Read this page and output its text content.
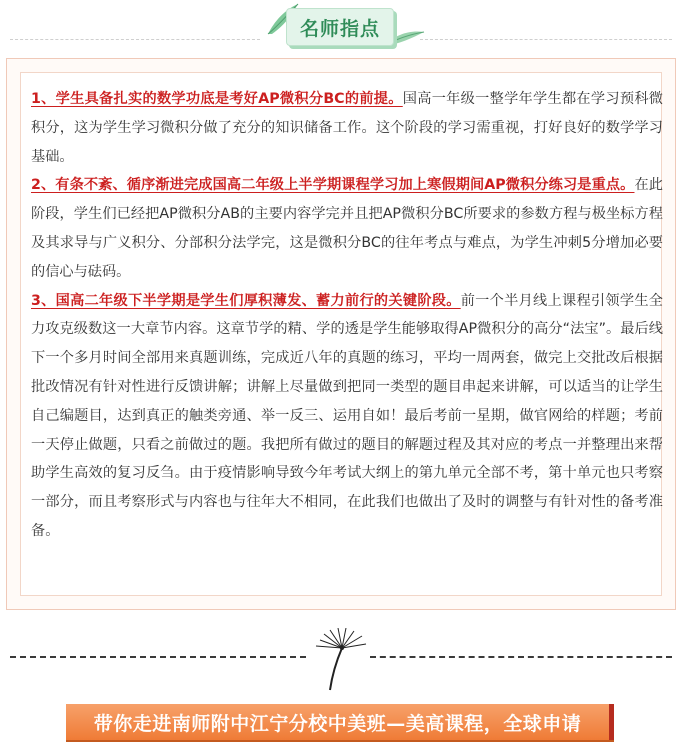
名师指点

1、学生具备扎实的数学功底是考好AP微积分BC的前提。国高一年级一整学年学生都在学习预科微积分，这为学生学习微积分做了充分的知识储备工作。这个阶段的学习需重视，打好良好的数学学习基础。

2、有条不紊、循序渐进完成国高二年级上半学期课程学习加上寒假期间AP微积分练习是重点。在此阶段，学生们已经把AP微积分AB的主要内容学完并且把AP微积分BC所要求的参数方程与极坐标方程及其求导与广义积分、分部积分法学完，这是微积分BC的往年考点与难点，为学生冲刺5分增加必要的信心与砝码。

3、国高二年级下半学期是学生们厚积薄发、蓄力前行的关键阶段。前一个半月线上课程引领学生全力攻克级数这一大章节内容。这章节学的精、学的透是学生能够取得AP微积分的高分“法宝”。最后线下一个多月时间全部用来真题训练，完成近八年的真题的练习，平均一周两套，做完上交批改后根据批改情况有针对性进行反馈讲解；讲解上尽量做到把同一类型的题目串起来讲解，可以适当的让学生自己编题目，达到真正的触类旁通、举一反三、运用自如！最后考前一星期，做官网给的样题；考前一天停止做题，只看之前做过的题。我把所有做过的题目的解题过程及其对应的考点一并整理出来帮助学生高效的复习反刍。由于疫情影响导致今年考试大纲上的第九单元全部不考，第十单元也只考察一部分，而且考察形式与内容也与往年大不相同，在此我们也做出了及时的调整与有针对性的备考准备。

带你走进南师附中江宁分校中美班—美高课程，全球申请
